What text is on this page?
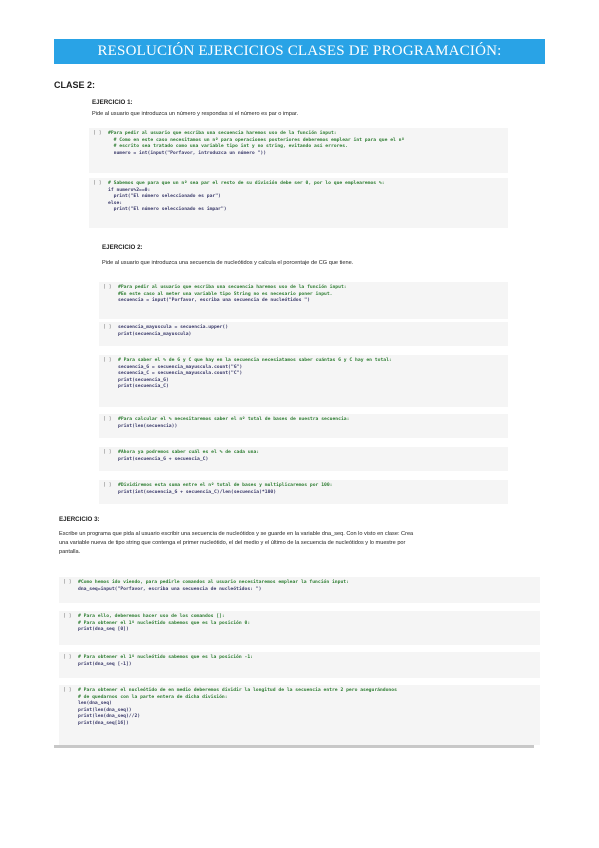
RESOLUCIÓN EJERCICIOS CLASES DE PROGRAMACIÓN:
CLASE 2:
EJERCICIO 1:
Pide al usuario que introduzca un número y respondas si el número es par o impar.
[ ] #Para pedir al usuario que escriba una secuencia haremos uso de la función input:
# Como en este caso necesitamos un nº para operaciones posteriores deberemos emplear int para que el nº
# escrito sea tratado como una variable tipo int y no string, evitando así errores.
numero = int(input("Porfavor, introduzca un número "))
[ ] # Sabemos que para que un nº sea par el resto de su división debe ser 0, por lo que emplearemos %:
if numero%2==0:
print("El número seleccionado es par")
else:
print("El número seleccionado es impar")
EJERCICIO 2:
Pide al usuario que introduzca una secuencia de nucleótidos y calcula el porcentaje de CG que tiene.
[ ] #Para pedir al usuario que escriba una secuencia haremos uso de la función input:
#En este caso al meter una variable tipo String no es necesario poner input.
secuencia = input("Porfavor, escriba una secuencia de nucleótidos ")
[ ] secuencia_mayuscula = secuencia.upper()
print(secuencia_mayuscula)
[ ] # Para saber el % de G y C que hay en la secuencia necesiatamos saber cuántas G y C hay en total:
secuencia_G = secuencia_mayuscula.count("G")
secuencia_C = secuencia_mayuscula.count("C")
print(secuencia_G)
print(secuencia_C)
[ ] #Para calcular el % necesitaremos saber el nº total de bases de nuestra secuencia:
print(len(secuencia))
[ ] #Ahora ya podremos saber cuál es el % de cada una:
print(secuencia_G + secuencia_C)
[ ] #Dividiremos esta suma entre el nº total de bases y multiplicaremos por 100:
print(int(secuencia_G + secuencia_C)/len(secuencia)*100)
EJERCICIO 3:
Escribe un programa que pida al usuario escribir una secuencia de nucleótidos y se guarde en la variable dna_seq. Con lo visto en clase: Crea
una variable nueva de tipo string que contenga el primer nucleótido, el del medio y el último de la secuencia de nucleótidos y lo muestre por
pantalla.
[ ] #Como hemos ido viendo, para pedirle comandos al usuario necesitaremos emplear la función input:
dna_seq=input("Porfavor, escriba una secuencia de nucleótidos: ")
[ ] # Para ello, deberemos hacer uso de los comandos []:
# Para obtener el 1º nucleótido sabemos que es la posición 0:
print(dna_seq [0])
[ ] # Para obtener el 1º nucleótido sabemos que es la posición -1:
print(dna_seq [-1])
[ ] # Para obtener el nucleótido de en medio deberemos dividir la longitud de la secuencia entre 2 pero asegurándonos
# de quedarnos con la parte entera de dicha división:
len(dna_seq)
print(len(dna_seq))
print(len(dna_seq)//2)
print(dna_seq[16])
